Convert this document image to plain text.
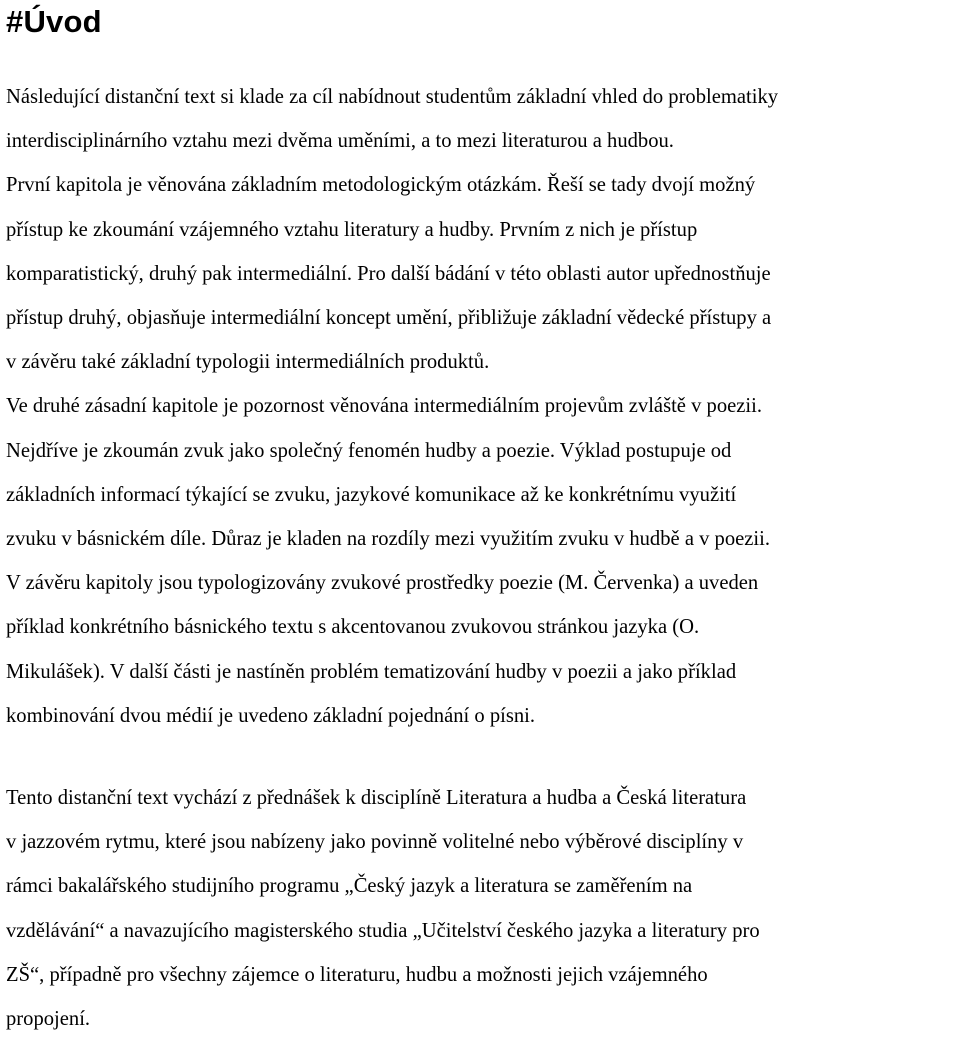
#Úvod

Následující distanční text si klade za cíl nabídnout studentům základní vhled do problematiky
interdisciplinárního vztahu mezi dvěma uměními, a to mezi literaturou a hudbou.
První kapitola je věnována základním metodologickým otázkám. Řeší se tady dvojí možný
přístup ke zkoumání vzájemného vztahu literatury a hudby. Prvním z nich je přístup
komparatistický, druhý pak intermediální. Pro další bádání v této oblasti autor upřednostňuje
přístup druhý, objasňuje intermediální koncept umění, přibližuje základní vědecké přístupy a
v závěru také základní typologii intermediálních produktů.
Ve druhé zásadní kapitole je pozornost věnována intermediálním projevům zvláště v poezii.
Nejdříve je zkoumán zvuk jako společný fenomén hudby a poezie. Výklad postupuje od
základních informací týkající se zvuku, jazykové komunikace až ke konkrétnímu využití
zvuku v básnickém díle. Důraz je kladen na rozdíly mezi využitím zvuku v hudbě a v poezii.
V závěru kapitoly jsou typologizovány zvukové prostředky poezie (M. Červenka) a uveden
příklad konkrétního básnického textu s akcentovanou zvukovou stránkou jazyka (O.
Mikulášek). V další části je nastíněn problém tematizování hudby v poezii a jako příklad
kombinování dvou médií je uvedeno základní pojednání o písni.

Tento distanční text vychází z přednášek k disciplíně Literatura a hudba a Česká literatura
v jazzovém rytmu, které jsou nabízeny jako povinně volitelné nebo výběrové disciplíny v
rámci bakalářského studijního programu „Český jazyk a literatura se zaměřením na
vzdělávání“ a navazujícího magisterského studia „Učitelství českého jazyka a literatury pro
ZŠ“, případně pro všechny zájemce o literaturu, hudbu a možnosti jejich vzájemného
propojení.
